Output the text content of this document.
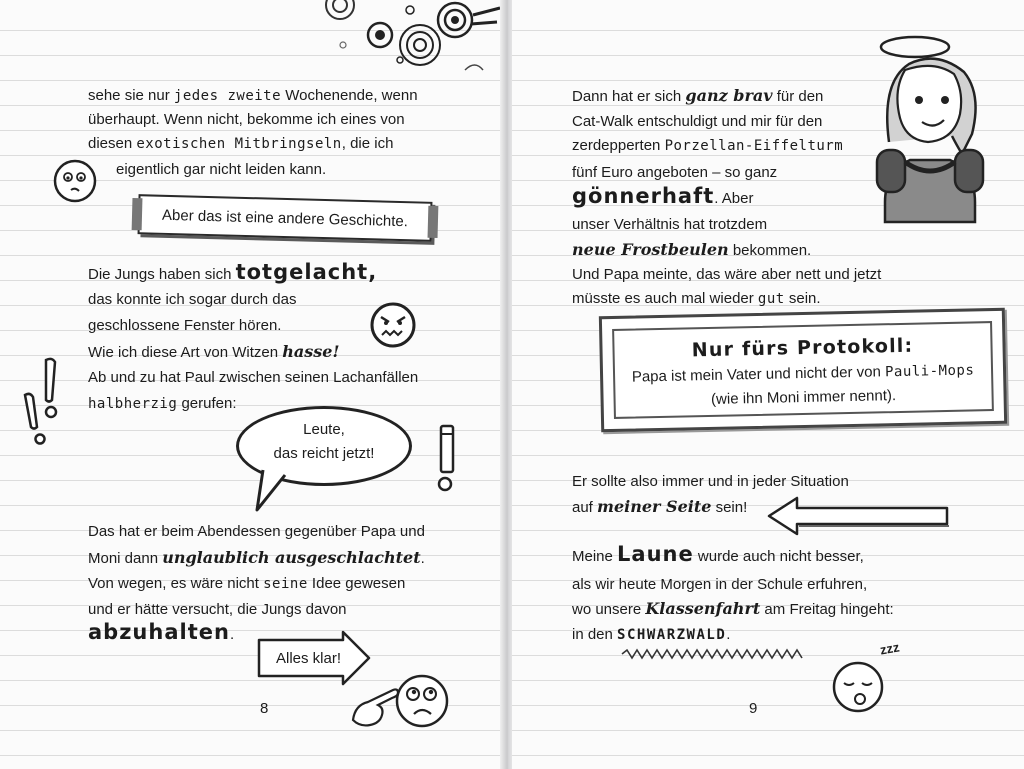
sehe sie nur jedes zweite Wochenende, wenn
überhaupt. Wenn nicht, bekomme ich eines von
diesen exotischen Mitbringseln, die ich
eigentlich gar nicht leiden kann.
Aber das ist eine andere Geschichte.
Die Jungs haben sich totgelacht,
das konnte ich sogar durch das
geschlossene Fenster hören.
Wie ich diese Art von Witzen hasse!
Ab und zu hat Paul zwischen seinen Lachanfällen
halbherzig gerufen:
Leute,
das reicht jetzt!
Das hat er beim Abendessen gegenüber Papa und
Moni dann unglaublich ausgeschlachtet.
Von wegen, es wäre nicht seine Idee gewesen
und er hätte versucht, die Jungs davon
abzuhalten.
Alles klar!
8
Dann hat er sich ganz brav für den
Cat-Walk entschuldigt und mir für den
zerdepperten Porzellan-Eiffelturm
fünf Euro angeboten – so ganz
gönnerhaft. Aber
unser Verhältnis hat trotzdem
neue Frostbeulen bekommen.
Und Papa meinte, das wäre aber nett und jetzt
müsste es auch mal wieder gut sein.
Nur fürs Protokoll:
Papa ist mein Vater und nicht der von Pauli-Mops
(wie ihn Moni immer nennt).
Er sollte also immer und in jeder Situation
auf meiner Seite sein!
Meine Laune wurde auch nicht besser,
als wir heute Morgen in der Schule erfuhren,
wo unsere Klassenfahrt am Freitag hingeht:
in den SCHWARZWALD.
zzz
9
